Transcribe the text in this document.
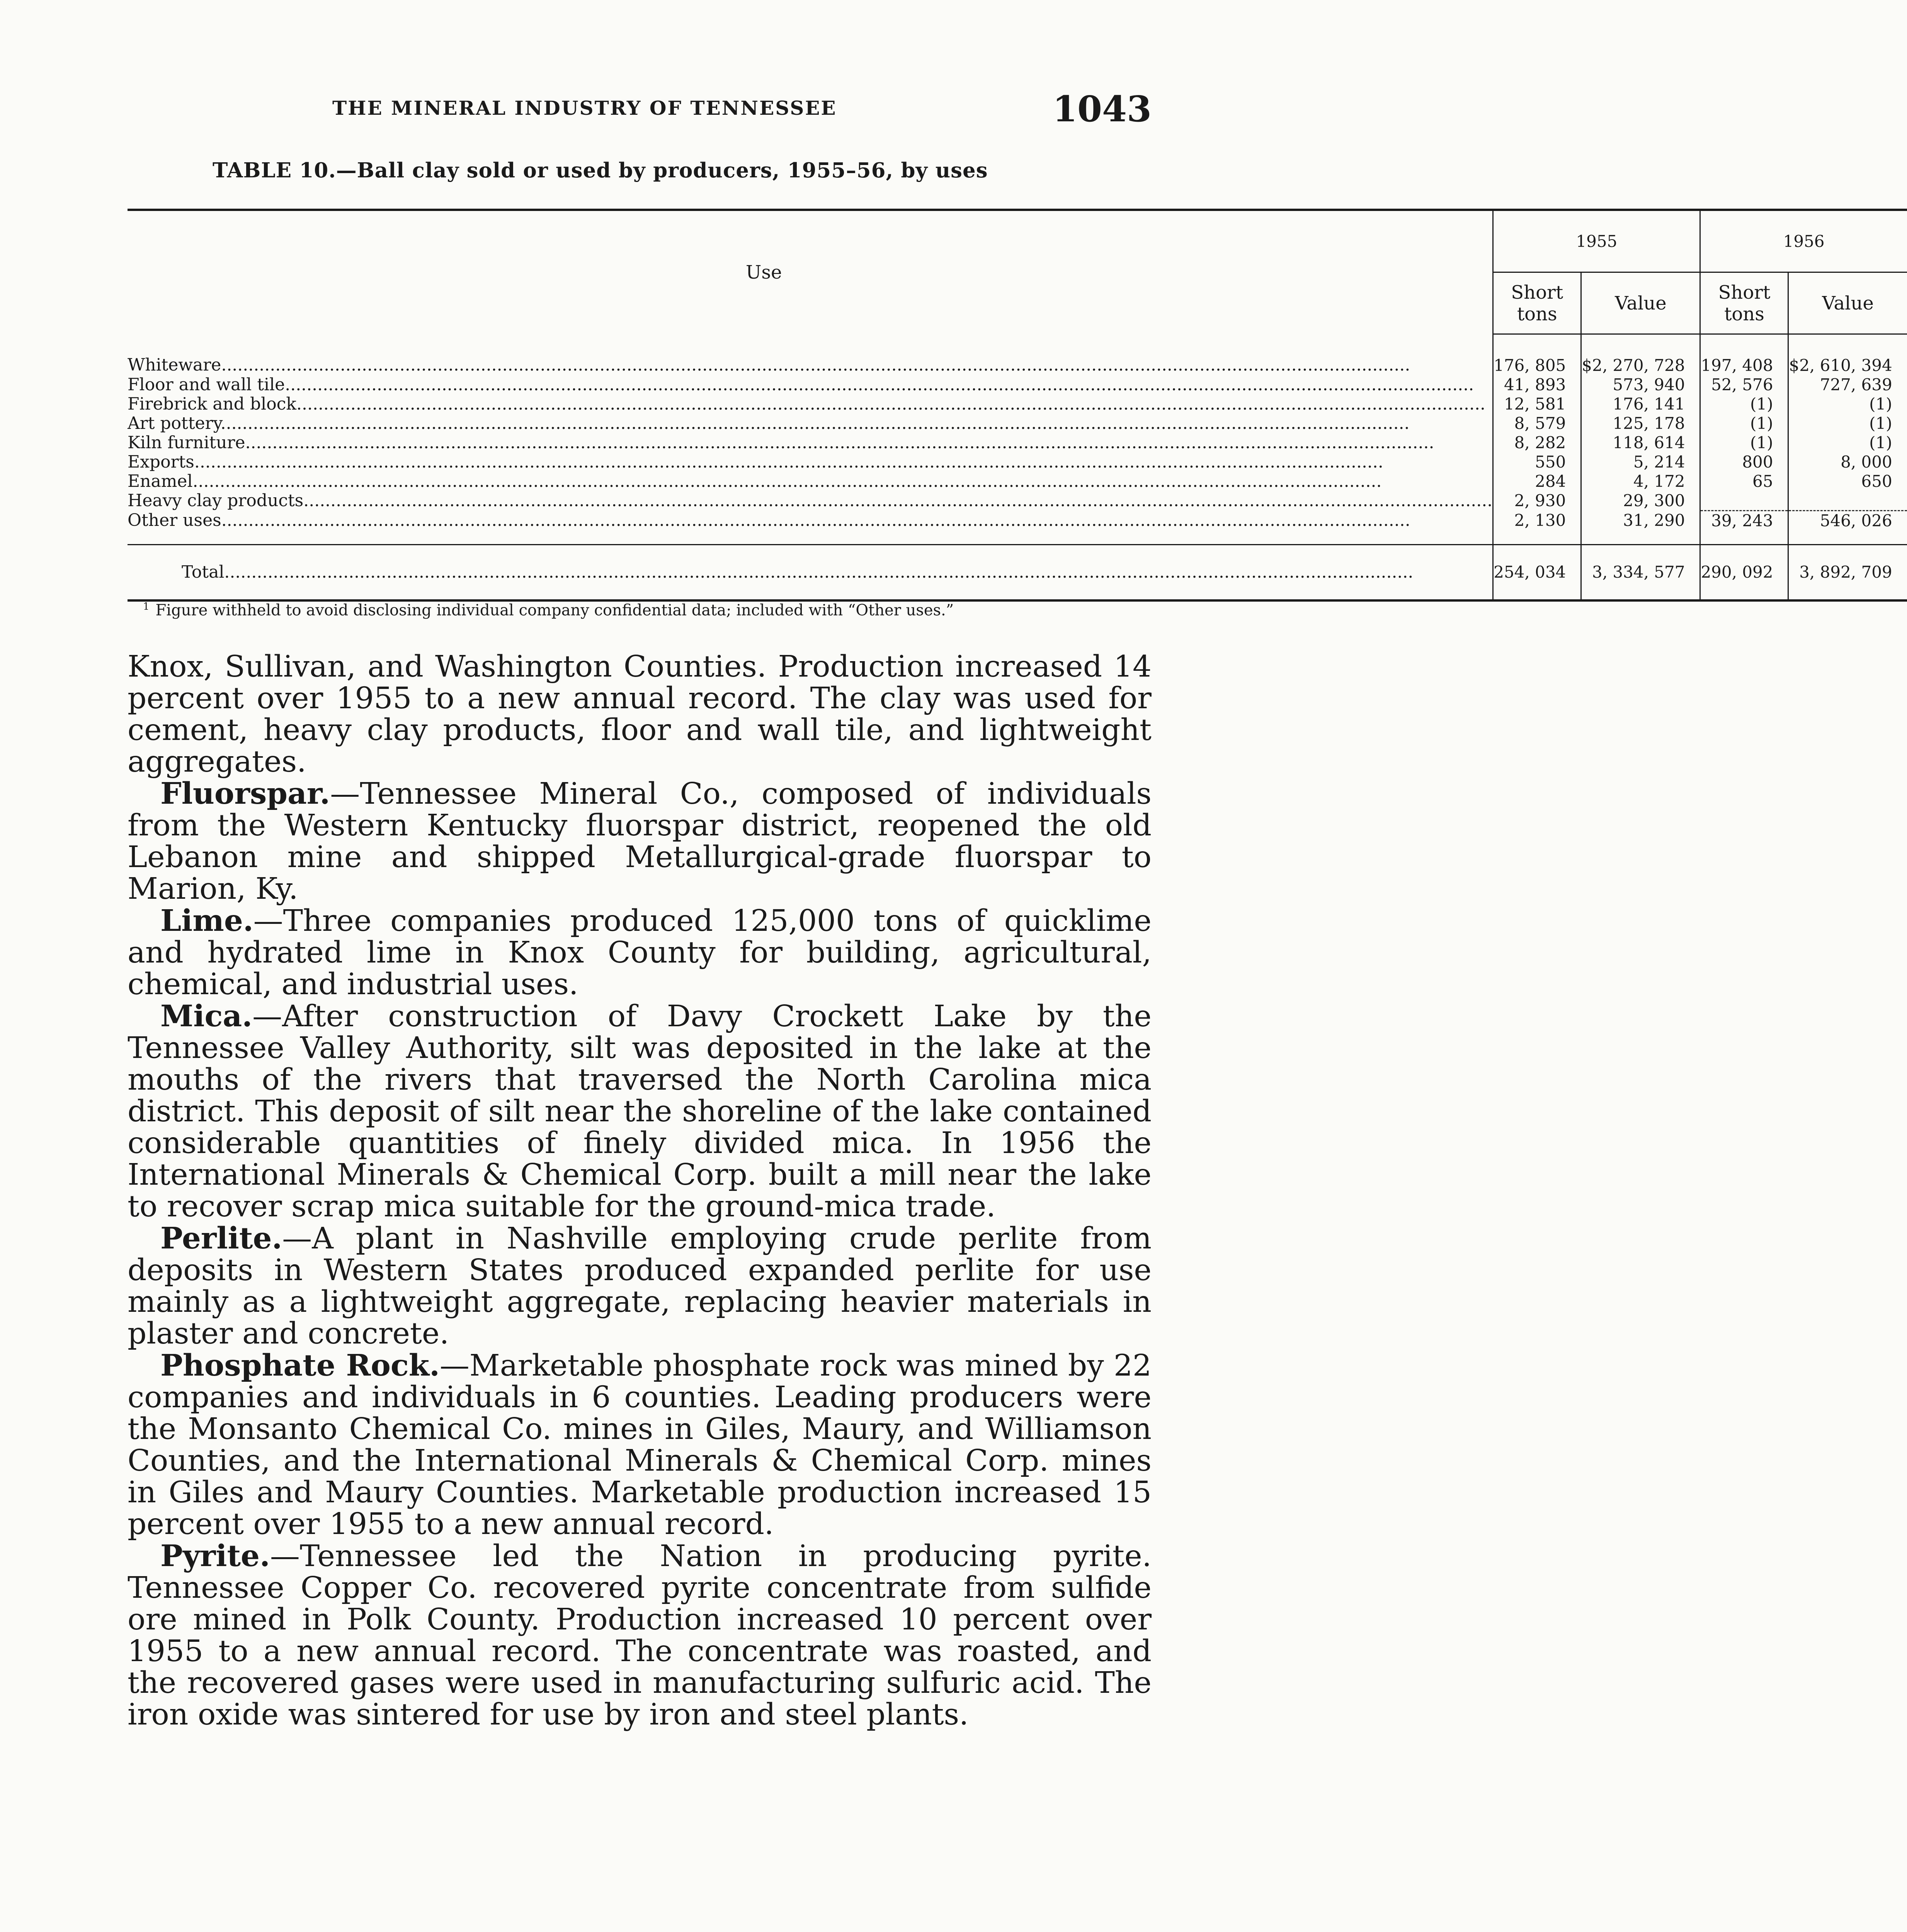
THE MINERAL INDUSTRY OF TENNESSEE	1043
TABLE 10.—Ball clay sold or used by producers, 1955–56, by uses
Use	1955		1956	
	Short tons	Value	Short tons	Value
Whiteware............................................................................................................................................................................................................................	176, 805	$2, 270, 728	197, 408	$2, 610, 394
Floor and wall tile............................................................................................................................................................................................................................	41, 893	573, 940	52, 576	727, 639
Firebrick and block............................................................................................................................................................................................................................	12, 581	176, 141	(1)	(1)
Art pottery............................................................................................................................................................................................................................	8, 579	125, 178	(1)	(1)
Kiln furniture............................................................................................................................................................................................................................	8, 282	118, 614	(1)	(1)
Exports............................................................................................................................................................................................................................	550	5, 214	800	8, 000
Enamel............................................................................................................................................................................................................................	284	4, 172	65	650
Heavy clay products............................................................................................................................................................................................................................	2, 930	29, 300		
Other uses............................................................................................................................................................................................................................	2, 130	31, 290	39, 243	546, 026
Total............................................................................................................................................................................................................................	254, 034	3, 334, 577	290, 092	3, 892, 709
$^1$ Figure withheld to avoid disclosing individual company confidential data; included with “Other uses.”

Knox, Sullivan, and Washington Counties. Production increased 14 percent over 1955 to a new annual record. The clay was used for cement, heavy clay products, floor and wall tile, and lightweight aggregates.

Fluorspar.—Tennessee Mineral Co., composed of individuals from the Western Kentucky fluorspar district, reopened the old Lebanon mine and shipped Metallurgical-grade fluorspar to Marion, Ky.

Lime.—Three companies produced 125,000 tons of quicklime and hydrated lime in Knox County for building, agricultural, chemical, and industrial uses.

Mica.—After construction of Davy Crockett Lake by the Tennessee Valley Authority, silt was deposited in the lake at the mouths of the rivers that traversed the North Carolina mica district. This deposit of silt near the shoreline of the lake contained considerable quantities of finely divided mica. In 1956 the International Minerals & Chemical Corp. built a mill near the lake to recover scrap mica suitable for the ground-mica trade.

Perlite.—A plant in Nashville employing crude perlite from deposits in Western States produced expanded perlite for use mainly as a lightweight aggregate, replacing heavier materials in plaster and concrete.

Phosphate Rock.—Marketable phosphate rock was mined by 22 companies and individuals in 6 counties. Leading producers were the Monsanto Chemical Co. mines in Giles, Maury, and Williamson Counties, and the International Minerals & Chemical Corp. mines in Giles and Maury Counties. Marketable production increased 15 percent over 1955 to a new annual record.

Pyrite.—Tennessee led the Nation in producing pyrite. Tennessee Copper Co. recovered pyrite concentrate from sulfide ore mined in Polk County. Production increased 10 percent over 1955 to a new annual record. The concentrate was roasted, and the recovered gases were used in manufacturing sulfuric acid. The iron oxide was sintered for use by iron and steel plants.
